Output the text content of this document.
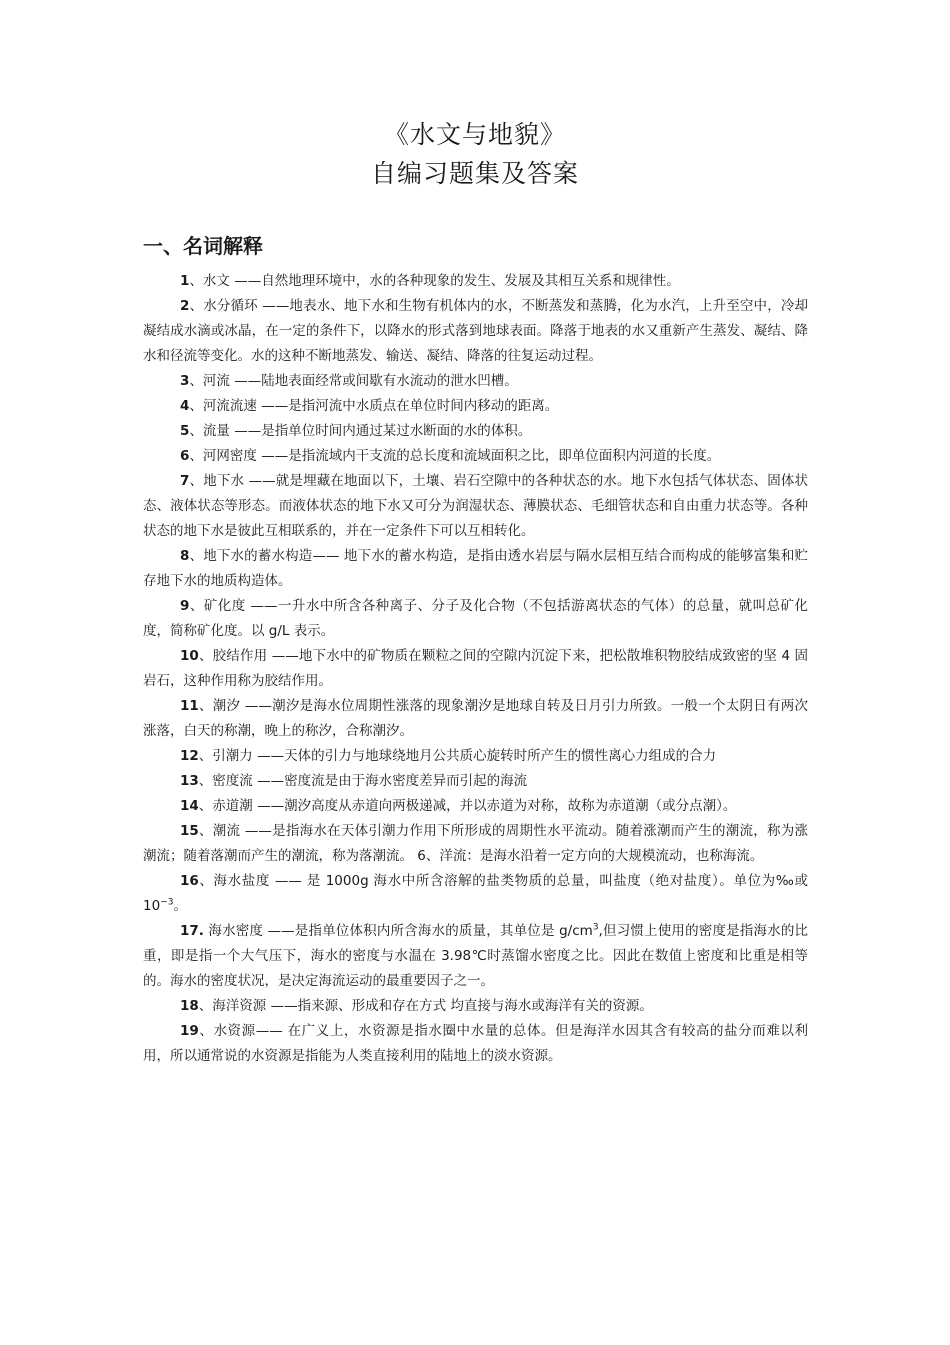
《水文与地貌》
自编习题集及答案
一、名词解释

1、水文 ——自然地理环境中，水的各种现象的发生、发展及其相互关系和规律性。

2、水分循环 ——地表水、地下水和生物有机体内的水，不断蒸发和蒸腾，化为水汽，上升至空中，冷却凝结成水滴或冰晶，在一定的条件下，以降水的形式落到地球表面。降落于地表的水又重新产生蒸发、凝结、降水和径流等变化。水的这种不断地蒸发、输送、凝结、降落的往复运动过程。

3、河流 ——陆地表面经常或间歇有水流动的泄水凹槽。

4、河流流速 ——是指河流中水质点在单位时间内移动的距离。

5、流量 ——是指单位时间内通过某过水断面的水的体积。

6、河网密度 ——是指流域内干支流的总长度和流域面积之比，即单位面积内河道的长度。

7、地下水 ——就是埋藏在地面以下，土壤、岩石空隙中的各种状态的水。地下水包括气体状态、固体状态、液体状态等形态。而液体状态的地下水又可分为润湿状态、薄膜状态、毛细管状态和自由重力状态等。各种状态的地下水是彼此互相联系的，并在一定条件下可以互相转化。

8、地下水的蓄水构造—— 地下水的蓄水构造，是指由透水岩层与隔水层相互结合而构成的能够富集和贮存地下水的地质构造体。

9、矿化度 ——一升水中所含各种离子、分子及化合物（不包括游离状态的气体）的总量，就叫总矿化度，简称矿化度。以 g/L 表示。

10、胶结作用 ——地下水中的矿物质在颗粒之间的空隙内沉淀下来，把松散堆积物胶结成致密的坚 4 固岩石，这种作用称为胶结作用。

11、潮汐 ——潮汐是海水位周期性涨落的现象潮汐是地球自转及日月引力所致。一般一个太阴日有两次涨落，白天的称潮，晚上的称汐，合称潮汐。

12、引潮力 ——天体的引力与地球绕地月公共质心旋转时所产生的惯性离心力组成的合力

13、密度流 ——密度流是由于海水密度差异而引起的海流

14、赤道潮 ——潮汐高度从赤道向两极递减，并以赤道为对称，故称为赤道潮（或分点潮）。

15、潮流 ——是指海水在天体引潮力作用下所形成的周期性水平流动。随着涨潮而产生的潮流，称为涨潮流；随着落潮而产生的潮流，称为落潮流。 6、洋流：是海水沿着一定方向的大规模流动，也称海流。

16、海水盐度 —— 是 1000g 海水中所含溶解的盐类物质的总量，叫盐度（绝对盐度）。单位为‰或 $10^{-3}$。

17. 海水密度 ——是指单位体积内所含海水的质量，其单位是 $g/cm^3$,但习惯上使用的密度是指海水的比重，即是指一个大气压下，海水的密度与水温在 3.98℃时蒸馏水密度之比。因此在数值上密度和比重是相等的。海水的密度状况，是决定海流运动的最重要因子之一。

18、海洋资源 ——指来源、形成和存在方式 均直接与海水或海洋有关的资源。

19、水资源—— 在广义上，水资源是指水圈中水量的总体。但是海洋水因其含有较高的盐分而难以利用，所以通常说的水资源是指能为人类直接利用的陆地上的淡水资源。
